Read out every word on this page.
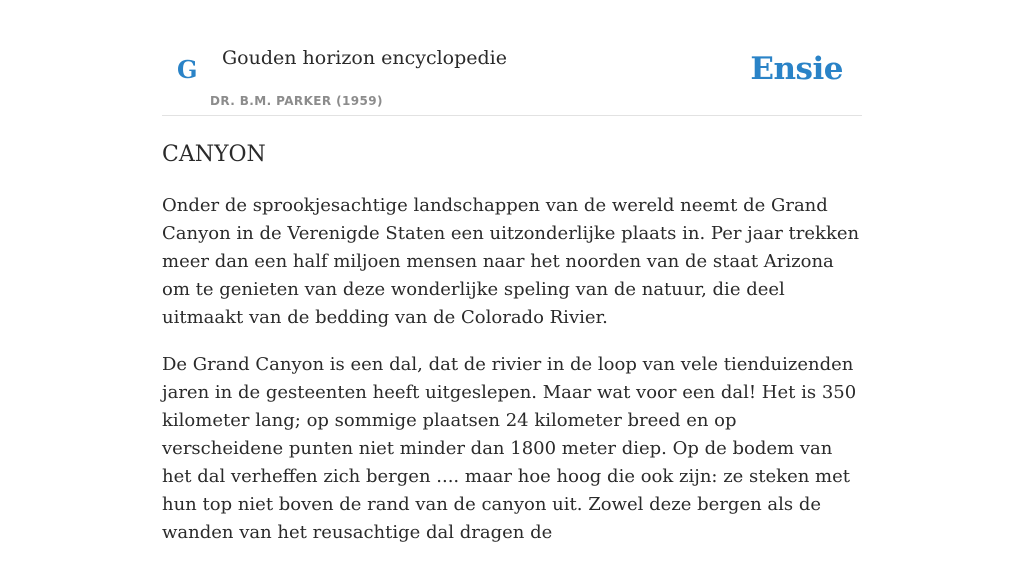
G Gouden horizon encyclopedie
DR. B.M. PARKER (1959)
Ensie
CANYON

Onder de sprookjesachtige landschappen van de wereld neemt de Grand Canyon in de Verenigde Staten een uitzonderlijke plaats in. Per jaar trekken meer dan een half miljoen mensen naar het noorden van de staat Arizona om te genieten van deze wonderlijke speling van de natuur, die deel uitmaakt van de bedding van de Colorado Rivier.

De Grand Canyon is een dal, dat de rivier in de loop van vele tienduizenden jaren in de gesteenten heeft uitgeslepen. Maar wat voor een dal! Het is 350 kilometer lang; op sommige plaatsen 24 kilometer breed en op verscheidene punten niet minder dan 1800 meter diep. Op de bodem van het dal verheffen zich bergen .... maar hoe hoog die ook zijn: ze steken met hun top niet boven de rand van de canyon uit. Zowel deze bergen als de wanden van het reusachtige dal dragen de
